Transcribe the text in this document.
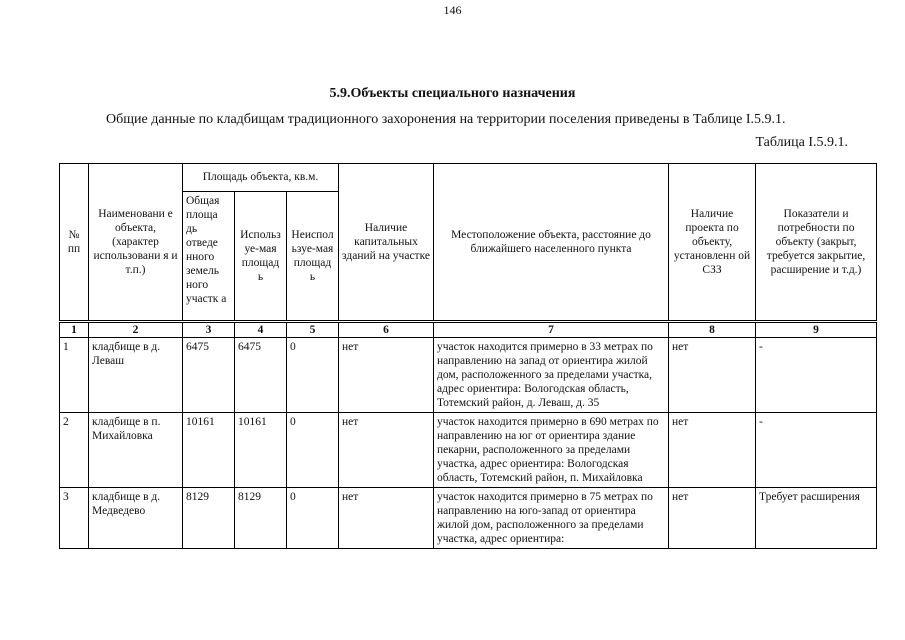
146
5.9.Объекты специального назначения
Общие данные по кладбищам традиционного захоронения на территории поселения приведены в Таблице I.5.9.1.
Таблица I.5.9.1.
№ пп	Наименовани е объекта, (характер использовани я и т.п.)	Площадь объекта, кв.м.			Наличие капитальных зданий на участке	Местоположение объекта, расстояние до ближайшего населенного пункта	Наличие проекта по объекту, установленн ой СЗЗ	Показатели и потребности по объекту (закрыт, требуется закрытие, расширение и т.д.)
		Общая площа дь отведе нного земель ного участк а	Использ уе-мая площад ь	Неиспол ьзуе-мая площад ь				
1	2	3	4	5	6	7	8	9
1	кладбище в д. Леваш	6475	6475	0	нет	участок находится примерно в 33 метрах по направлению на запад от ориентира жилой дом, расположенного за пределами участка, адрес ориентира: Вологодская область, Тотемский район, д. Леваш, д. 35	нет	-
2	кладбище в п. Михайловка	10161	10161	0	нет	участок находится примерно в 690 метрах по направлению на юг от ориентира здание пекарни, расположенного за пределами участка, адрес ориентира: Вологодская область, Тотемский район, п. Михайловка	нет	-
3	кладбище в д. Медведево	8129	8129	0	нет	участок находится примерно в 75 метрах по направлению на юго-запад от ориентира жилой дом, расположенного за пределами участка, адрес ориентира:	нет	Требует расширения
